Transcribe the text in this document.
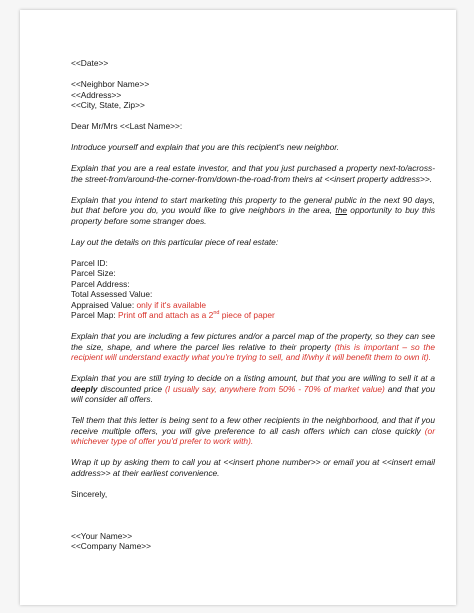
<<Date>>
<<Neighbor Name>>
<<Address>>
<<City, State, Zip>>
Dear Mr/Mrs <<Last Name>>:
Introduce yourself and explain that you are this recipient's new neighbor.
Explain that you are a real estate investor, and that you just purchased a property next-to/across-the street-from/around-the-corner-from/down-the-road-from theirs at <<insert property address>>.
Explain that you intend to start marketing this property to the general public in the next 90 days, but that before you do, you would like to give neighbors in the area, the opportunity to buy this property before some stranger does.
Lay out the details on this particular piece of real estate:
Parcel ID:
Parcel Size:
Parcel Address:
Total Assessed Value:
Appraised Value: only if it's available
Parcel Map: Print off and attach as a 2nd piece of paper
Explain that you are including a few pictures and/or a parcel map of the property, so they can see the size, shape, and where the parcel lies relative to their property (this is important – so the recipient will understand exactly what you're trying to sell, and if/why it will benefit them to own it).
Explain that you are still trying to decide on a listing amount, but that you are willing to sell it at a deeply discounted price (I usually say, anywhere from 50% - 70% of market value) and that you will consider all offers.
Tell them that this letter is being sent to a few other recipients in the neighborhood, and that if you receive multiple offers, you will give preference to all cash offers which can close quickly (or whichever type of offer you'd prefer to work with).
Wrap it up by asking them to call you at <<insert phone number>> or email you at <<insert email address>> at their earliest convenience.
Sincerely,
<<Your Name>>
<<Company Name>>
